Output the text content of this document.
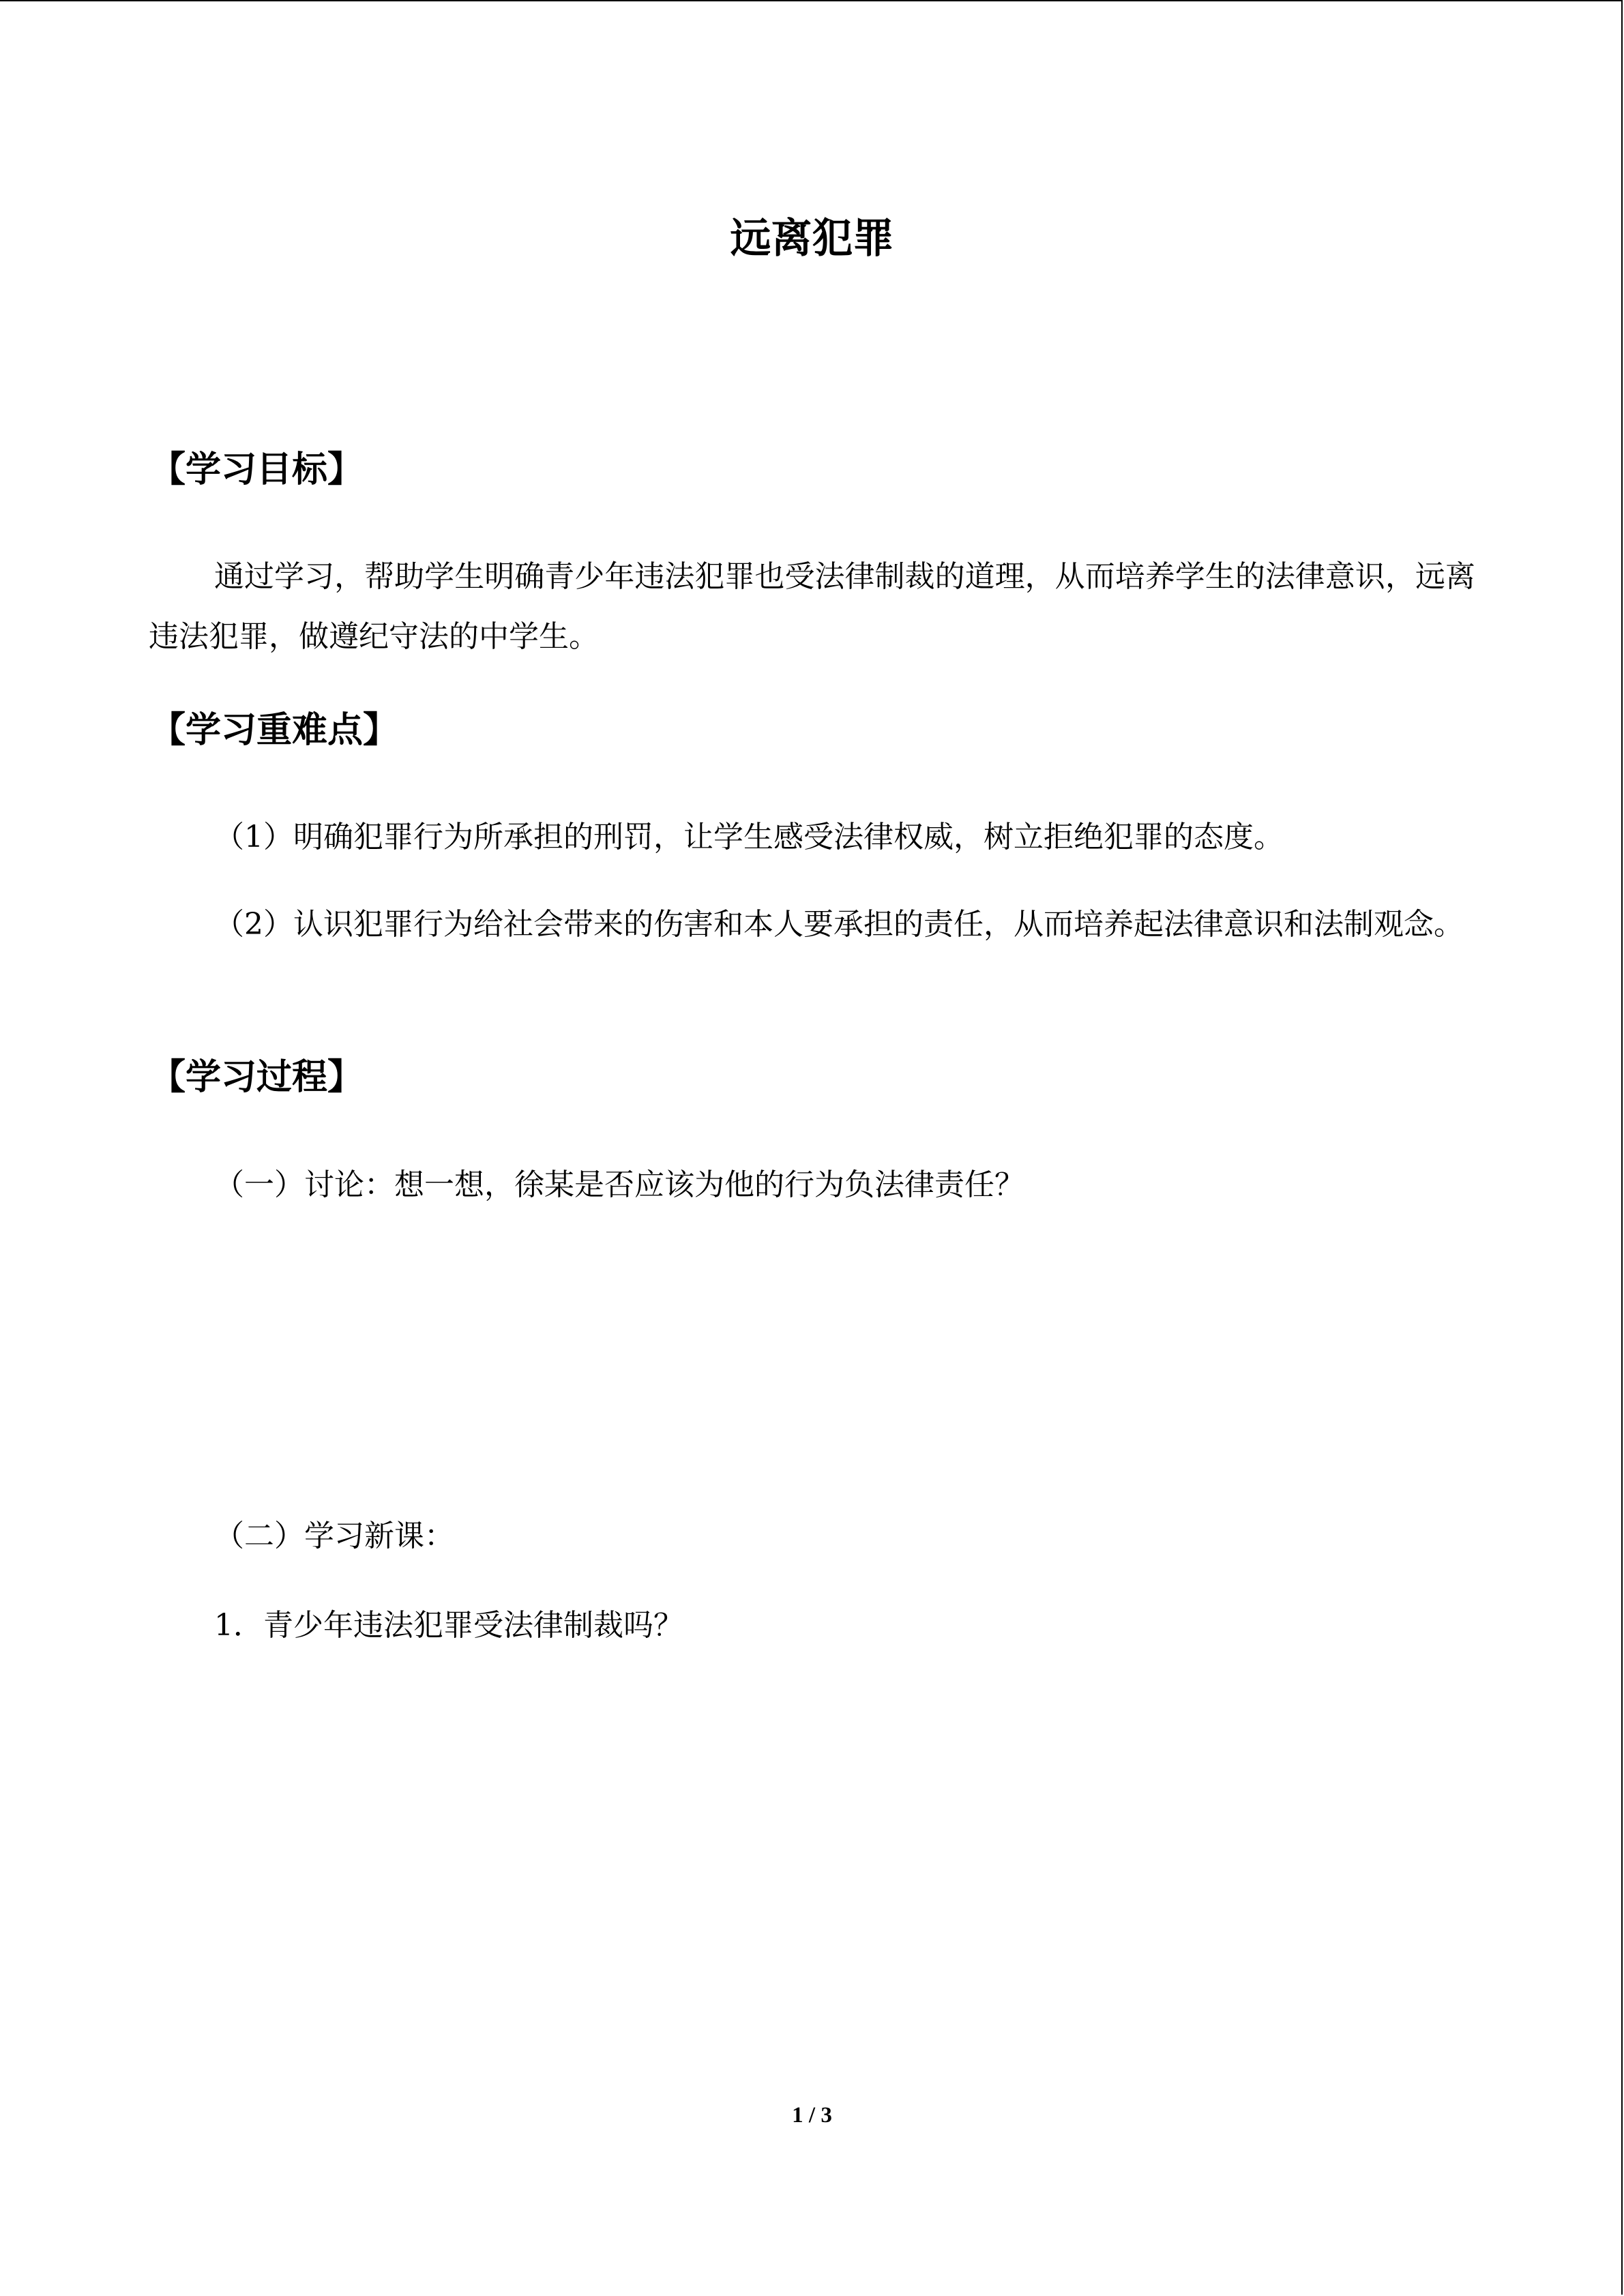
远离犯罪
【学习目标】

通过学习，帮助学生明确青少年违法犯罪也受法律制裁的道理，从而培养学生的法律意识，远离违法犯罪，做遵纪守法的中学生。

【学习重难点】

（1）明确犯罪行为所承担的刑罚，让学生感受法律权威，树立拒绝犯罪的态度。

（2）认识犯罪行为给社会带来的伤害和本人要承担的责任，从而培养起法律意识和法制观念。

【学习过程】

（一）讨论：想一想，徐某是否应该为他的行为负法律责任？

（二）学习新课：

1．青少年违法犯罪受法律制裁吗？

1 / 3
